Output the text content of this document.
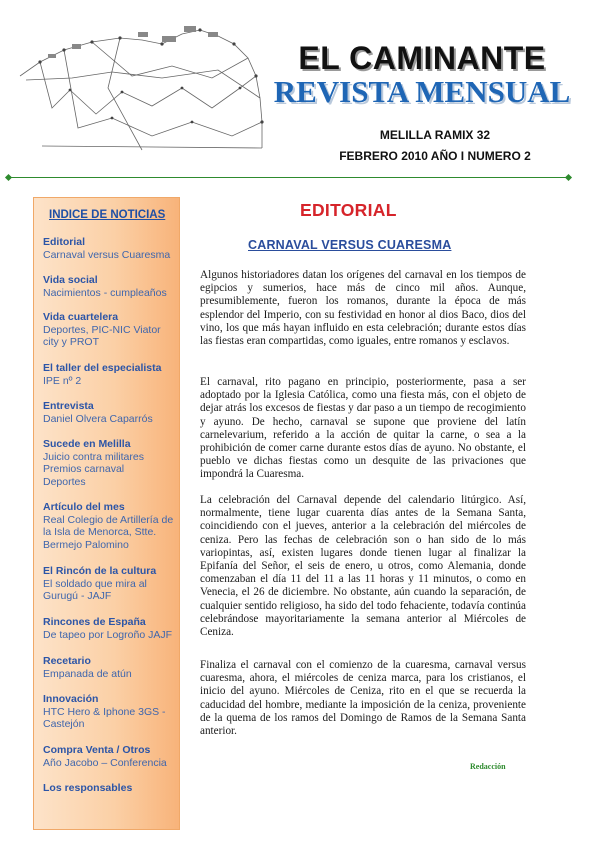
EL CAMINANTE
REVISTA MENSUAL
MELILLA RAMIX 32
FEBRERO 2010 AÑO I NUMERO 2
INDICE DE NOTICIAS
Editorial
Carnaval versus Cuaresma
Vida social
Nacimientos - cumpleaños
Vida cuartelera
Deportes, PIC-NIC Viator
city y PROT
El taller del especialista
IPE nº 2
Entrevista
Daniel Olvera Caparrós
Sucede en Melilla
Juicio contra militares
Premios carnaval
Deportes
Artículo del mes
Real Colegio de Artillería de
la Isla de Menorca, Stte.
Bermejo Palomino
El Rincón de la cultura
El soldado que mira al
Gurugú - JAJF
Rincones de España
De tapeo por Logroño JAJF
Recetario
Empanada de atún
Innovación
HTC Hero & Iphone 3GS -
Castejón
Compra Venta / Otros
Año Jacobo – Conferencia
Los responsables
EDITORIAL
CARNAVAL VERSUS CUARESMA
Algunos historiadores datan los orígenes del carnaval en los tiempos de egipcios y sumerios, hace más de cinco mil años. Aunque, presumiblemente, fueron los romanos, durante la época de más esplendor del Imperio, con su festividad en honor al dios Baco, dios del vino, los que más hayan influido en esta celebración; durante estos días las fiestas eran compartidas, como iguales, entre romanos y esclavos.
El carnaval, rito pagano en principio, posteriormente, pasa a ser adoptado por la Iglesia Católica, como una fiesta más, con el objeto de dejar atrás los excesos de fiestas y dar paso a un tiempo de recogimiento y ayuno. De hecho, carnaval se supone que proviene del latín carnelevarium, referido a la acción de quitar la carne, o sea a la prohibición de comer carne durante estos días de ayuno. No obstante, el pueblo ve dichas fiestas como un desquite de las privaciones que impondrá la Cuaresma.
La celebración del Carnaval depende del calendario litúrgico. Así, normalmente, tiene lugar cuarenta días antes de la Semana Santa, coincidiendo con el jueves, anterior a la celebración del miércoles de ceniza. Pero las fechas de celebración son o han sido de lo más variopintas, así, existen lugares donde tienen lugar al finalizar la Epifanía del Señor, el seis de enero, u otros, como Alemania, donde comenzaban el día 11 del 11 a las 11 horas y 11 minutos, o como en Venecia, el 26 de diciembre. No obstante, aún cuando la separación, de cualquier sentido religioso, ha sido del todo fehaciente, todavía continúa celebrándose mayoritariamente la semana anterior al Miércoles de Ceniza.
Finaliza el carnaval con el comienzo de la cuaresma, carnaval versus cuaresma, ahora, el miércoles de ceniza marca, para los cristianos, el inicio del ayuno. Miércoles de Ceniza, rito en el que se recuerda la caducidad del hombre, mediante la imposición de la ceniza, proveniente de la quema de los ramos del Domingo de Ramos de la Semana Santa anterior.
Redacción
